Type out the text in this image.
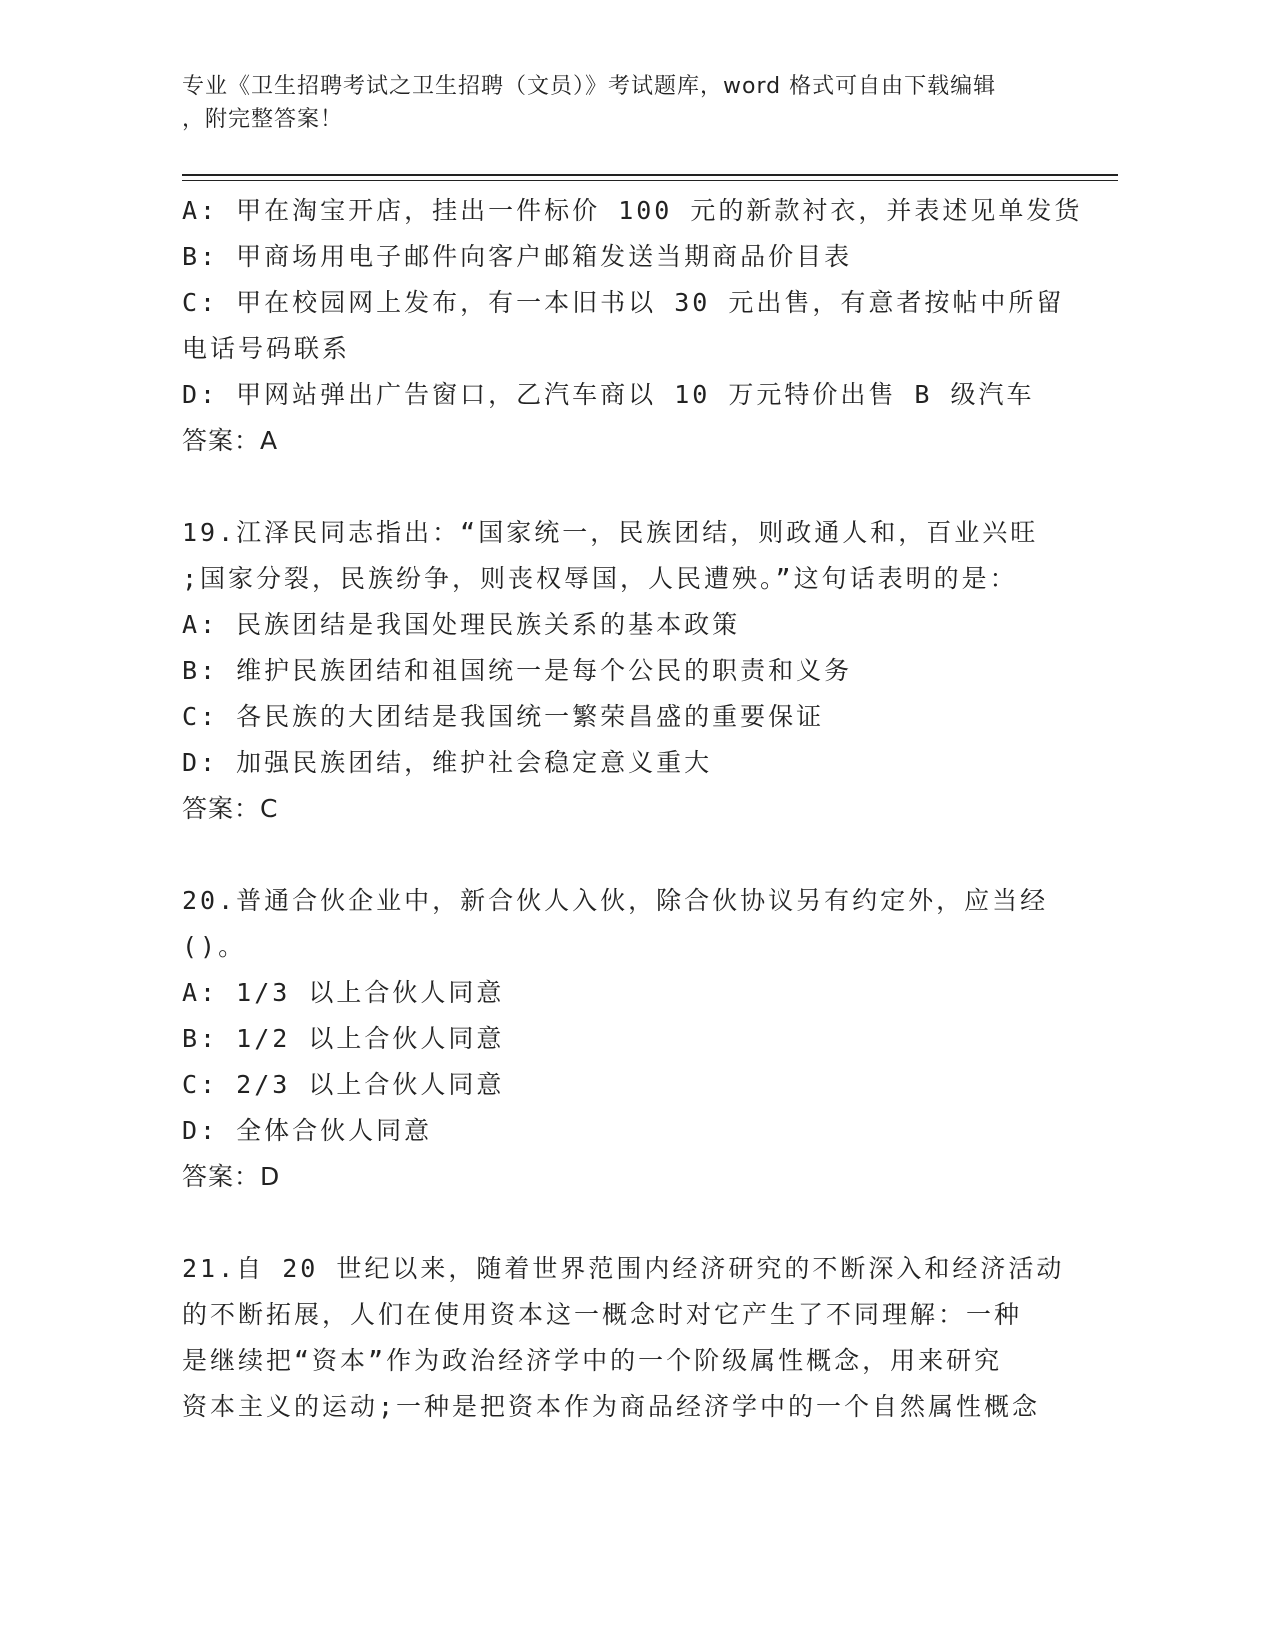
专业《卫生招聘考试之卫生招聘（文员）》考试题库，word 格式可自由下载编辑
，附完整答案！
A: 甲在淘宝开店，挂出一件标价 100 元的新款衬衣，并表述见单发货
B: 甲商场用电子邮件向客户邮箱发送当期商品价目表
C: 甲在校园网上发布，有一本旧书以 30 元出售，有意者按帖中所留
电话号码联系
D: 甲网站弹出广告窗口，乙汽车商以 10 万元特价出售 B 级汽车
答案：A
19.江泽民同志指出：“国家统一，民族团结，则政通人和，百业兴旺
;国家分裂，民族纷争，则丧权辱国，人民遭殃。”这句话表明的是：
A: 民族团结是我国处理民族关系的基本政策
B: 维护民族团结和祖国统一是每个公民的职责和义务
C: 各民族的大团结是我国统一繁荣昌盛的重要保证
D: 加强民族团结，维护社会稳定意义重大
答案：C
20.普通合伙企业中，新合伙人入伙，除合伙协议另有约定外，应当经
()。
A: 1/3 以上合伙人同意
B: 1/2 以上合伙人同意
C: 2/3 以上合伙人同意
D: 全体合伙人同意
答案：D
21.自 20 世纪以来，随着世界范围内经济研究的不断深入和经济活动
的不断拓展，人们在使用资本这一概念时对它产生了不同理解：一种
是继续把“资本”作为政治经济学中的一个阶级属性概念，用来研究
资本主义的运动;一种是把资本作为商品经济学中的一个自然属性概念
